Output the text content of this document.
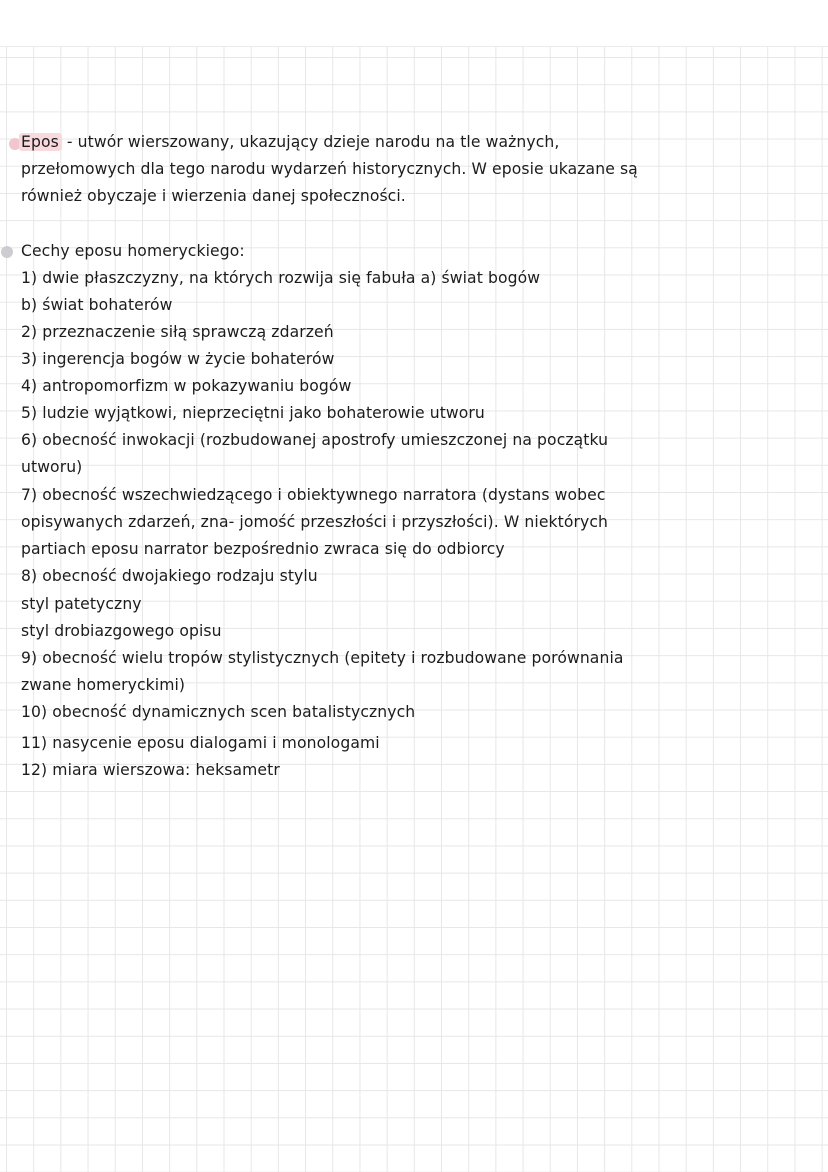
Epos - utwór wierszowany, ukazujący dzieje narodu na tle ważnych,
przełomowych dla tego narodu wydarzeń historycznych. W eposie ukazane są
również obyczaje i wierzenia danej społeczności.
Cechy eposu homeryckiego:
1) dwie płaszczyzny, na których rozwija się fabuła a) świat bogów
b) świat bohaterów
2) przeznaczenie siłą sprawczą zdarzeń
3) ingerencja bogów w życie bohaterów
4) antropomorfizm w pokazywaniu bogów
5) ludzie wyjątkowi, nieprzeciętni jako bohaterowie utworu
6) obecność inwokacji (rozbudowanej apostrofy umieszczonej na początku
utworu)
7) obecność wszechwiedzącego i obiektywnego narratora (dystans wobec
opisywanych zdarzeń, zna- jomość przeszłości i przyszłości). W niektórych
partiach eposu narrator bezpośrednio zwraca się do odbiorcy
8) obecność dwojakiego rodzaju stylu
styl patetyczny
styl drobiazgowego opisu
9) obecność wielu tropów stylistycznych (epitety i rozbudowane porównania
zwane homeryckimi)
10) obecność dynamicznych scen batalistycznych
11) nasycenie eposu dialogami i monologami
12) miara wierszowa: heksametr
